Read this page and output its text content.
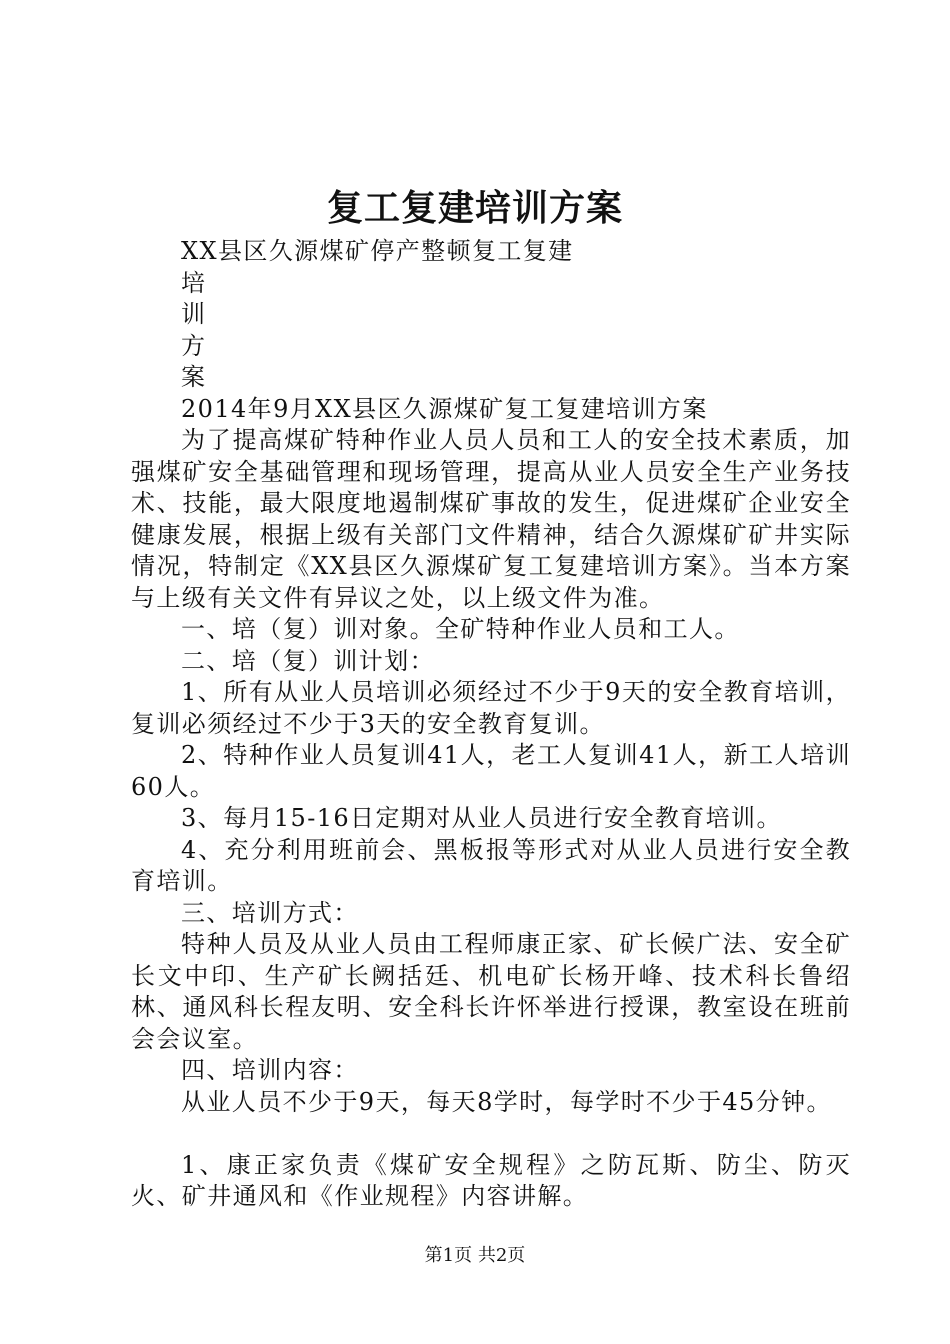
复工复建培训方案

XX县区久源煤矿停产整顿复工复建

培

训

方

案

2014年9月XX县区久源煤矿复工复建培训方案

为了提高煤矿特种作业人员人员和工人的安全技术素质，加强煤矿安全基础管理和现场管理，提高从业人员安全生产业务技术、技能，最大限度地遏制煤矿事故的发生，促进煤矿企业安全健康发展，根据上级有关部门文件精神，结合久源煤矿矿井实际情况，特制定《XX县区久源煤矿复工复建培训方案》。当本方案与上级有关文件有异议之处，以上级文件为准。

一、培（复）训对象。全矿特种作业人员和工人。

二、培（复）训计划：

1、所有从业人员培训必须经过不少于9天的安全教育培训，复训必须经过不少于3天的安全教育复训。

2、特种作业人员复训41人，老工人复训41人，新工人培训60人。

3、每月15-16日定期对从业人员进行安全教育培训。

4、充分利用班前会、黑板报等形式对从业人员进行安全教育培训。

三、培训方式：

特种人员及从业人员由工程师康正家、矿长候广法、安全矿长文中印、生产矿长阙括廷、机电矿长杨开峰、技术科长鲁绍林、通风科长程友明、安全科长许怀举进行授课，教室设在班前会会议室。

四、培训内容：

从业人员不少于9天，每天8学时，每学时不少于45分钟。

1、康正家负责《煤矿安全规程》之防瓦斯、防尘、防灭火、矿井通风和《作业规程》内容讲解。

第1页 共2页
